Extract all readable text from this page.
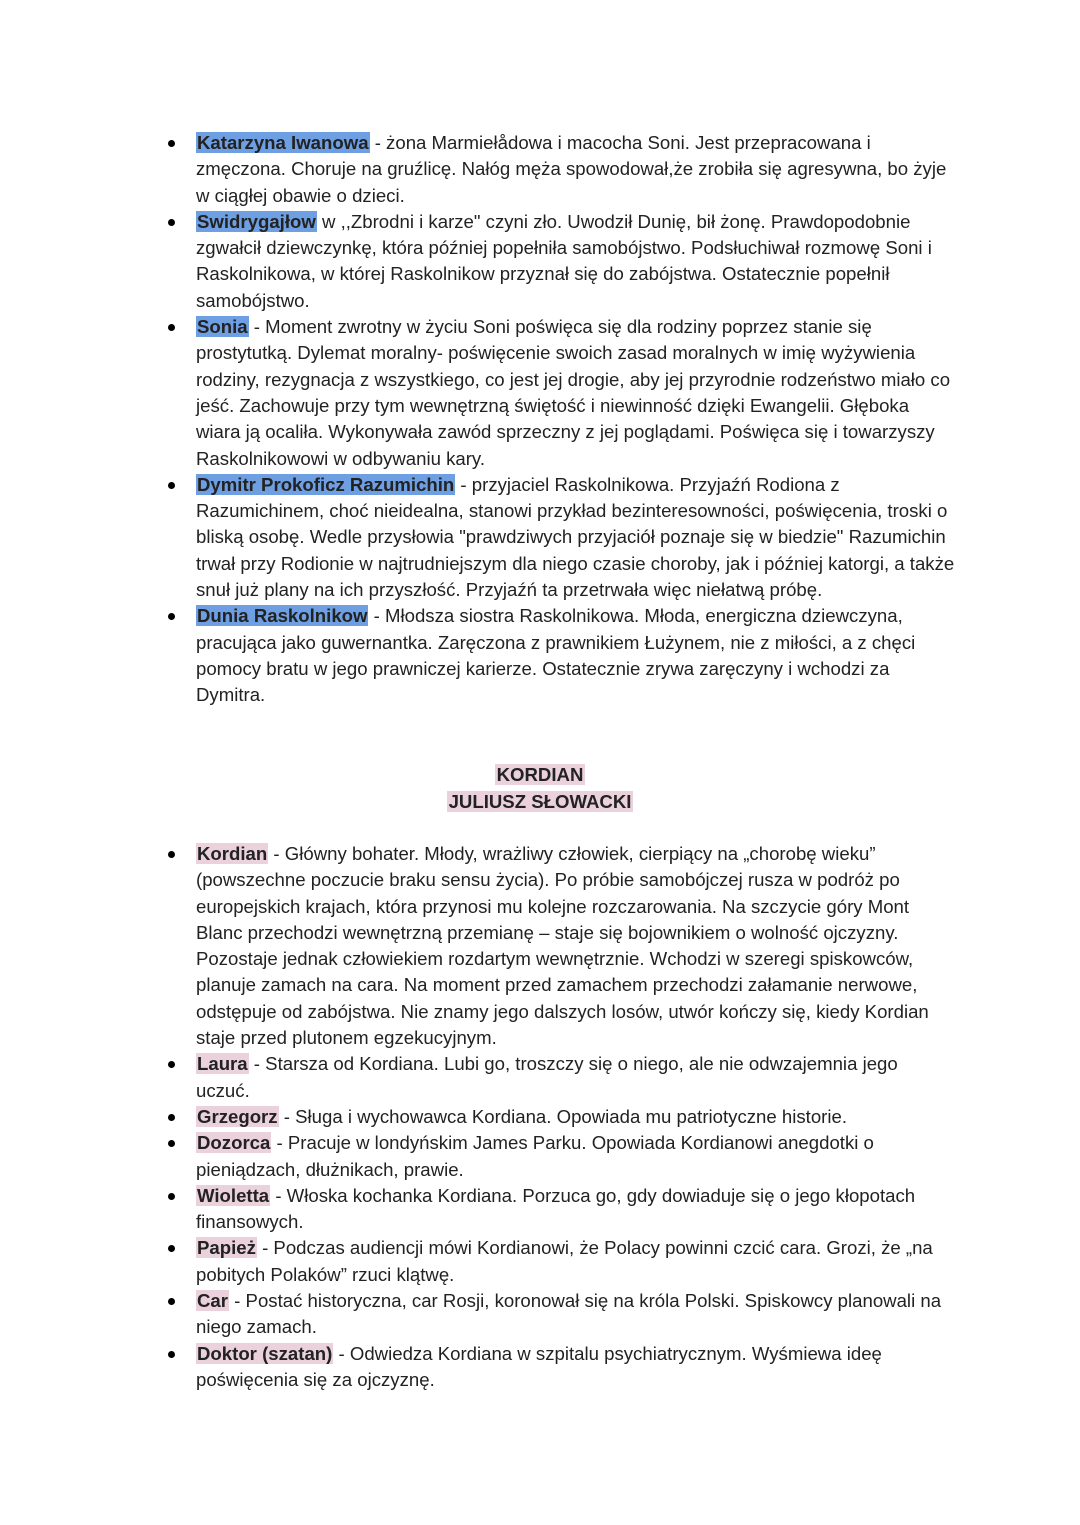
Katarzyna Iwanowa - żona Marmiełådowa i macocha Soni. Jest przepracowana i zmęczona. Choruje na gruźlicę. Nałóg męża spowodował,że zrobiła się agresywna, bo żyje w ciągłej obawie o dzieci.
Swidrygajłow w ,,Zbrodni i karze" czyni zło. Uwodził Dunię, bił żonę. Prawdopodobnie zgwałcił dziewczynkę, która później popełniła samobójstwo. Podsłuchiwał rozmowę Soni i Raskolnikowa, w której Raskolnikow przyznał się do zabójstwa. Ostatecznie popełnił samobójstwo.
Sonia - Moment zwrotny w życiu Soni poświęca się dla rodziny poprzez stanie się prostytutką. Dylemat moralny- poświęcenie swoich zasad moralnych w imię wyżywienia rodziny, rezygnacja z wszystkiego, co jest jej drogie, aby jej przyrodnie rodzeństwo miało co jeść. Zachowuje przy tym wewnętrzną świętość i niewinność dzięki Ewangelii. Głęboka wiara ją ocaliła. Wykonywała zawód sprzeczny z jej poglądami. Poświęca się i towarzyszy Raskolnikowowi w odbywaniu kary.
Dymitr Prokoficz Razumichin - przyjaciel Raskolnikowa. Przyjaźń Rodiona z Razumichinem, choć nieidealna, stanowi przykład bezinteresowności, poświęcenia, troski o bliską osobę. Wedle przysłowia "prawdziwych przyjaciół poznaje się w biedzie" Razumichin trwał przy Rodionie w najtrudniejszym dla niego czasie choroby, jak i później katorgi, a także snuł już plany na ich przyszłość. Przyjaźń ta przetrwała więc niełatwą próbę.
Dunia Raskolnikow - Młodsza siostra Raskolnikowa. Młoda, energiczna dziewczyna, pracująca jako guwernantka. Zaręczona z prawnikiem Łużynem, nie z miłości, a z chęci pomocy bratu w jego prawniczej karierze. Ostatecznie zrywa zaręczyny i wchodzi za Dymitra.
KORDIAN
JULIUSZ SŁOWACKI
Kordian - Główny bohater. Młody, wrażliwy człowiek, cierpiący na „chorobę wieku” (powszechne poczucie braku sensu życia). Po próbie samobójczej rusza w podróż po europejskich krajach, która przynosi mu kolejne rozczarowania. Na szczycie góry Mont Blanc przechodzi wewnętrzną przemianę – staje się bojownikiem o wolność ojczyzny. Pozostaje jednak człowiekiem rozdartym wewnętrznie. Wchodzi w szeregi spiskowców, planuje zamach na cara. Na moment przed zamachem przechodzi załamanie nerwowe, odstępuje od zabójstwa. Nie znamy jego dalszych losów, utwór kończy się, kiedy Kordian staje przed plutonem egzekucyjnym.
Laura - Starsza od Kordiana. Lubi go, troszczy się o niego, ale nie odwzajemnia jego uczuć.
Grzegorz - Sługa i wychowawca Kordiana. Opowiada mu patriotyczne historie.
Dozorca - Pracuje w londyńskim James Parku. Opowiada Kordianowi anegdotki o pieniądzach, dłużnikach, prawie.
Wioletta - Włoska kochanka Kordiana. Porzuca go, gdy dowiaduje się o jego kłopotach finansowych.
Papież - Podczas audiencji mówi Kordianowi, że Polacy powinni czcić cara. Grozi, że „na pobitych Polaków” rzuci klątwę.
Car - Postać historyczna, car Rosji, koronował się na króla Polski. Spiskowcy planowali na niego zamach.
Doktor (szatan) - Odwiedza Kordiana w szpitalu psychiatrycznym. Wyśmiewa ideę poświęcenia się za ojczyznę.
